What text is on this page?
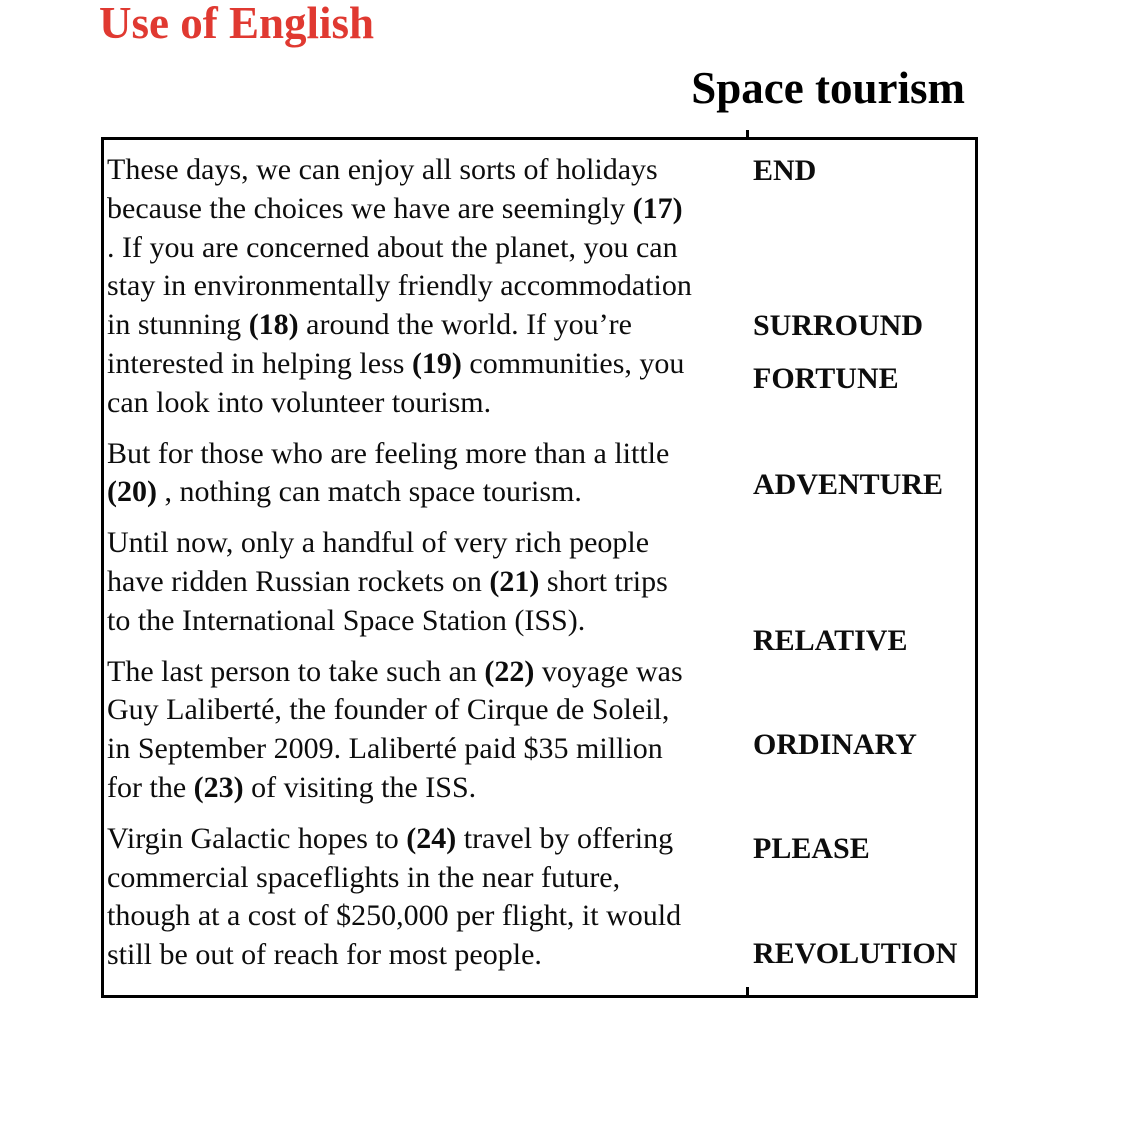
Use of English
Space tourism
These days, we can enjoy all sorts of holidays
because the choices we have are seemingly (17)
. If you are concerned about the planet, you can
stay in environmentally friendly accommodation
in stunning (18) around the world. If you’re
interested in helping less (19) communities, you
can look into volunteer tourism.
But for those who are feeling more than a little
(20) , nothing can match space tourism.
Until now, only a handful of very rich people
have ridden Russian rockets on (21) short trips
to the International Space Station (ISS).
The last person to take such an (22) voyage was
Guy Laliberté, the founder of Cirque de Soleil,
in September 2009. Laliberté paid $35 million
for the (23) of visiting the ISS.
Virgin Galactic hopes to (24) travel by offering
commercial spaceflights in the near future,
though at a cost of $250,000 per flight, it would
still be out of reach for most people.
END
SURROUND
FORTUNE
ADVENTURE
RELATIVE
ORDINARY
PLEASE
REVOLUTION
